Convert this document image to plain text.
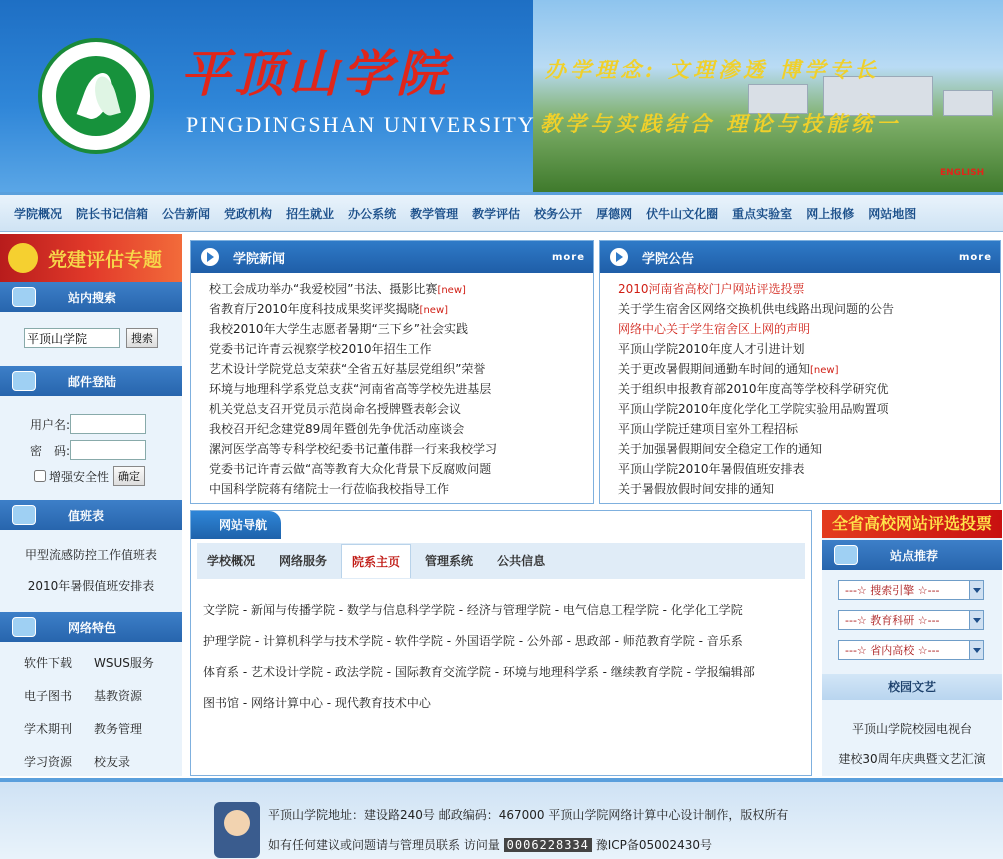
平顶山学院
PINGDINGSHAN UNIVERSITY
办学理念: 文理渗透 博学专长
教学与实践结合 理论与技能统一
ENGLISH
学院概况 院长书记信箱 公告新闻 党政机构 招生就业 办公系统 教学管理 教学评估 校务公开 厚德网 伏牛山文化圈 重点实验室 网上报修 网站地图
党建评估专题
站内搜索
平顶山学院
搜索
邮件登陆
用户名:
密　码:
增强安全性 确定
值班表
甲型流感防控工作值班表
2010年暑假值班安排表
网络特色
软件下载	WSUS服务
电子图书	基教资源
学术期刊	教务管理
学习资源	校友录
学院新闻	more
校工会成功举办“我爱校园”书法、摄影比赛[new]
省教育厅2010年度科技成果奖评奖揭晓[new]
我校2010年大学生志愿者暑期“三下乡”社会实践
党委书记许青云视察学校2010年招生工作
艺术设计学院党总支荣获“全省五好基层党组织”荣誉
环境与地理科学系党总支获“河南省高等学校先进基层
机关党总支召开党员示范岗命名授牌暨表彰会议
我校召开纪念建党89周年暨创先争优活动座谈会
漯河医学高等专科学校纪委书记董伟群一行来我校学习
党委书记许青云做“高等教育大众化背景下反腐败问题
中国科学院蒋有绪院士一行莅临我校指导工作
学院公告	more
2010河南省高校门户网站评选投票
关于学生宿舍区网络交换机供电线路出现问题的公告
网络中心关于学生宿舍区上网的声明
平顶山学院2010年度人才引进计划
关于更改暑假期间通勤车时间的通知[new]
关于组织申报教育部2010年度高等学校科学研究优
平顶山学院2010年度化学化工学院实验用品购置项
平顶山学院迁建项目室外工程招标
关于加强暑假期间安全稳定工作的通知
平顶山学院2010年暑假值班安排表
关于暑假放假时间安排的通知
网站导航
学校概况	网络服务	院系主页	管理系统	公共信息
文学院 - 新闻与传播学院 - 数学与信息科学学院 - 经济与管理学院 - 电气信息工程学院 - 化学化工学院
护理学院 - 计算机科学与技术学院 - 软件学院 - 外国语学院 - 公外部 - 思政部 - 师范教育学院 - 音乐系
体育系 - 艺术设计学院 - 政法学院 - 国际教育交流学院 - 环境与地理科学系 - 继续教育学院 - 学报编辑部
图书馆 - 网络计算中心 - 现代教育技术中心
全省高校网站评选投票
站点推荐
---☆ 搜索引擎 ☆---
---☆ 教育科研 ☆---
---☆ 省内高校 ☆---
校园文艺
平顶山学院校园电视台
建校30周年庆典暨文艺汇演
平顶山学院地址：建设路240号 邮政编码：467000 平顶山学院网络计算中心设计制作，版权所有
如有任何建议或问题请与管理员联系 访问量 0006228334 豫ICP备05002430号
